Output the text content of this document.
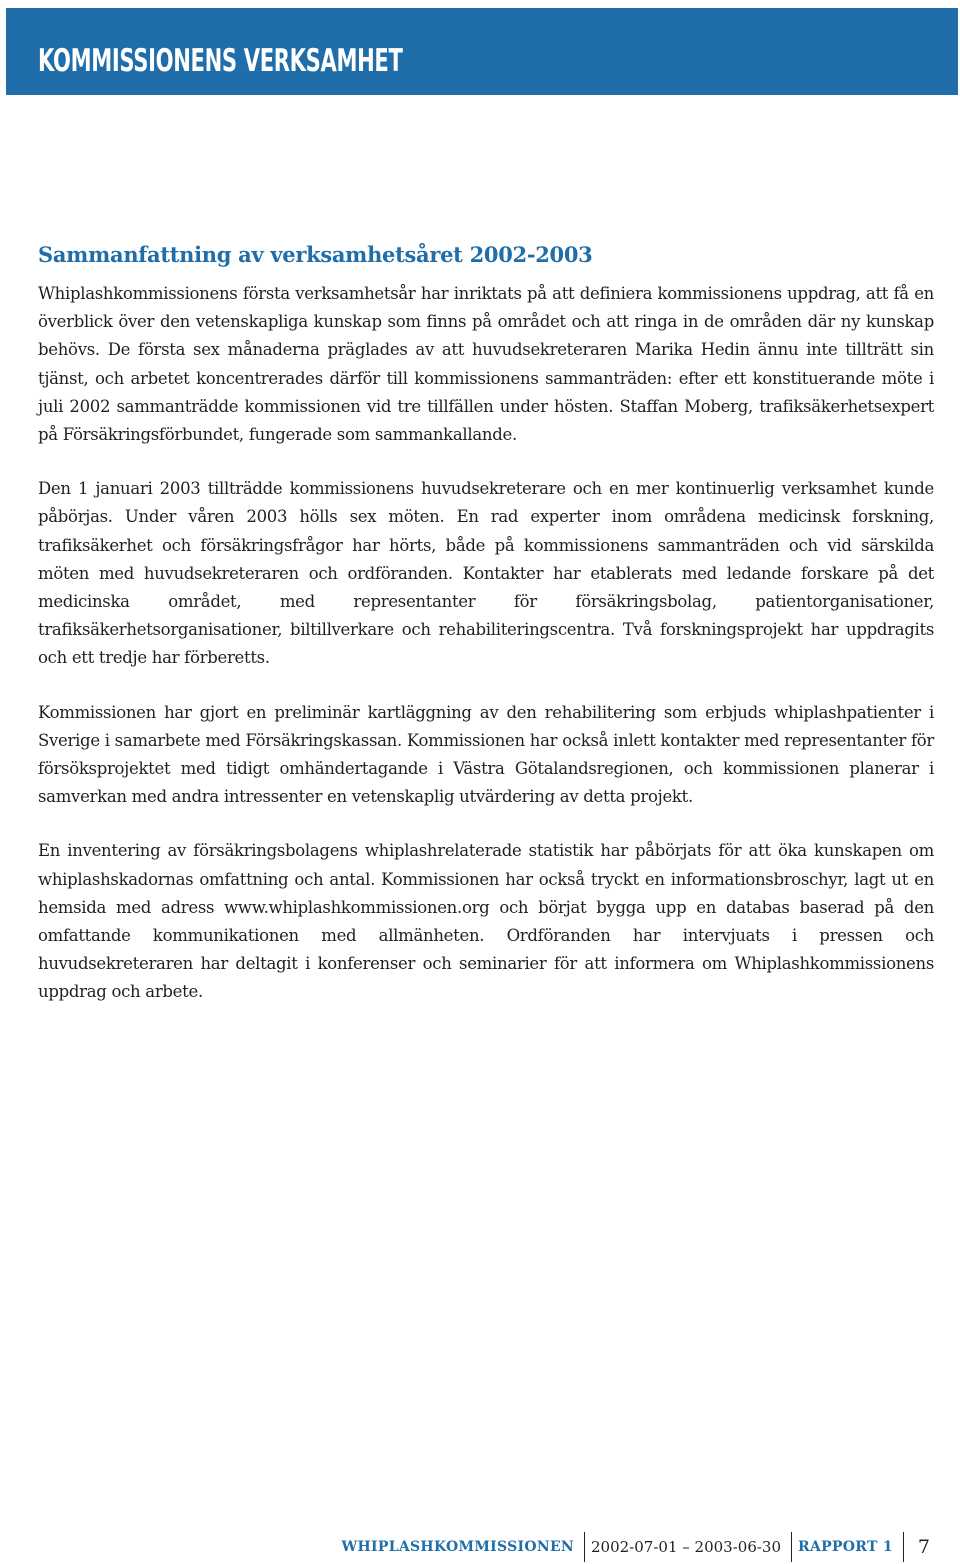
KOMMISSIONENS VERKSAMHET
Sammanfattning av verksamhetsåret 2002-2003

Whiplashkommissionens första verksamhetsår har inriktats på att definiera kommissionens uppdrag, att få en överblick över den vetenskapliga kunskap som finns på området och att ringa in de områden där ny kunskap behövs. De första sex månaderna präglades av att huvudsekreteraren Marika Hedin ännu inte tillträtt sin tjänst, och arbetet koncentrerades därför till kommissionens sammanträden: efter ett konstituerande möte i juli 2002 sammanträdde kommissionen vid tre tillfällen under hösten. Staffan Moberg, trafiksäkerhetsexpert på Försäkringsförbundet, fungerade som sammankallande.

Den 1 januari 2003 tillträdde kommissionens huvudsekreterare och en mer kontinuerlig verksamhet kunde påbörjas. Under våren 2003 hölls sex möten. En rad experter inom områdena medicinsk forskning, trafiksäkerhet och försäkringsfrågor har hörts, både på kommissionens sammanträden och vid särskilda möten med huvudsekreteraren och ordföranden. Kontakter har etablerats med ledande forskare på det medicinska området, med representanter för försäkringsbolag, patientorganisationer, trafiksäkerhetsorganisationer, biltillverkare och rehabiliteringscentra. Två forskningsprojekt har uppdragits och ett tredje har förberetts.

Kommissionen har gjort en preliminär kartläggning av den rehabilitering som erbjuds whiplashpatienter i Sverige i samarbete med Försäkringskassan. Kommissionen har också inlett kontakter med representanter för försöksprojektet med tidigt omhändertagande i Västra Götalandsregionen, och kommissionen planerar i samverkan med andra intressenter en vetenskaplig utvärdering av detta projekt.

En inventering av försäkringsbolagens whiplashrelaterade statistik har påbörjats för att öka kunskapen om whiplashskadornas omfattning och antal. Kommissionen har också tryckt en informationsbroschyr, lagt ut en hemsida med adress www.whiplashkommissionen.org och börjat bygga upp en databas baserad på den omfattande kommunikationen med allmänheten. Ordföranden har intervjuats i pressen och huvudsekreteraren har deltagit i konferenser och seminarier för att informera om Whiplashkommissionens uppdrag och arbete.

WHIPLASHKOMMISSIONEN 2002-07-01 – 2003-06-30 RAPPORT 1 7
